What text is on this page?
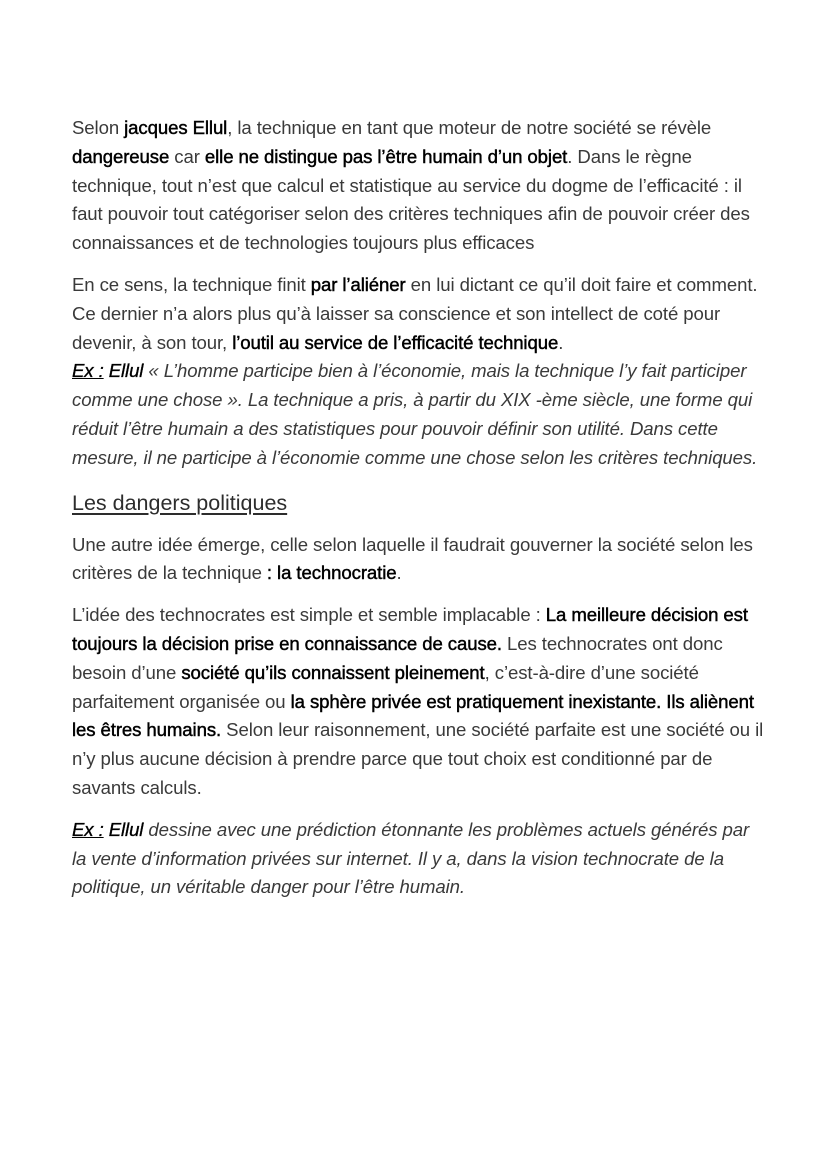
Selon jacques Ellul, la technique en tant que moteur de notre société se révèle dangereuse car elle ne distingue pas l’être humain d’un objet. Dans le règne technique, tout n’est que calcul et statistique au service du dogme de l’efficacité : il faut pouvoir tout catégoriser selon des critères techniques afin de pouvoir créer des connaissances et de technologies toujours plus efficaces

En ce sens, la technique finit par l’aliéner en lui dictant ce qu’il doit faire et comment. Ce dernier n’a alors plus qu’à laisser sa conscience et son intellect de coté pour devenir, à son tour, l’outil au service de l’efficacité technique.
Ex : Ellul « L’homme participe bien à l’économie, mais la technique l’y fait participer comme une chose ». La technique a pris, à partir du XIX -ème siècle, une forme qui réduit l’être humain a des statistiques pour pouvoir définir son utilité. Dans cette mesure, il ne participe à l’économie comme une chose selon les critères techniques.

Les dangers politiques

Une autre idée émerge, celle selon laquelle il faudrait gouverner la société selon les critères de la technique : la technocratie.

L’idée des technocrates est simple et semble implacable : La meilleure décision est toujours la décision prise en connaissance de cause. Les technocrates ont donc besoin d’une société qu’ils connaissent pleinement, c’est-à-dire d’une société parfaitement organisée ou la sphère privée est pratiquement inexistante. Ils aliènent les êtres humains. Selon leur raisonnement, une société parfaite est une société ou il n’y plus aucune décision à prendre parce que tout choix est conditionné par de savants calculs.

Ex : Ellul dessine avec une prédiction étonnante les problèmes actuels générés par la vente d’information privées sur internet. Il y a, dans la vision technocrate de la politique, un véritable danger pour l’être humain.
